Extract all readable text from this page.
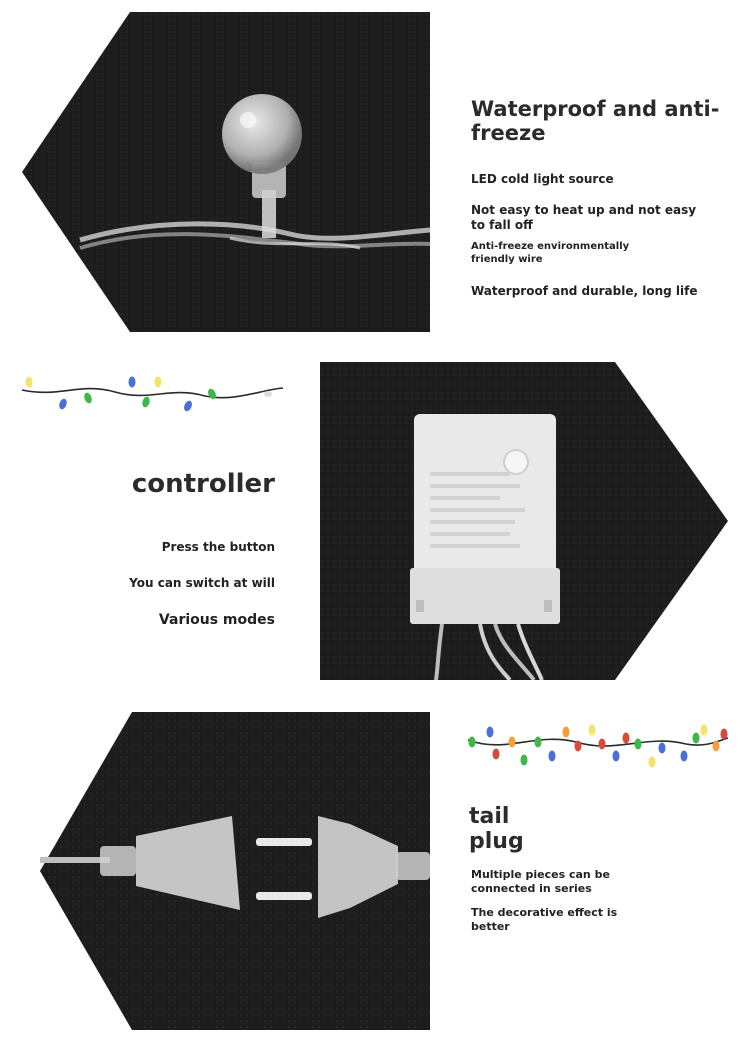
Waterproof and anti-freeze
LED cold light source
Not easy to heat up and not easy to fall off
Anti-freeze environmentally friendly wire
Waterproof and durable, long life
controller
Press the button
You can switch at will
Various modes
tail plug
Multiple pieces can be connected in series
The decorative effect is better
